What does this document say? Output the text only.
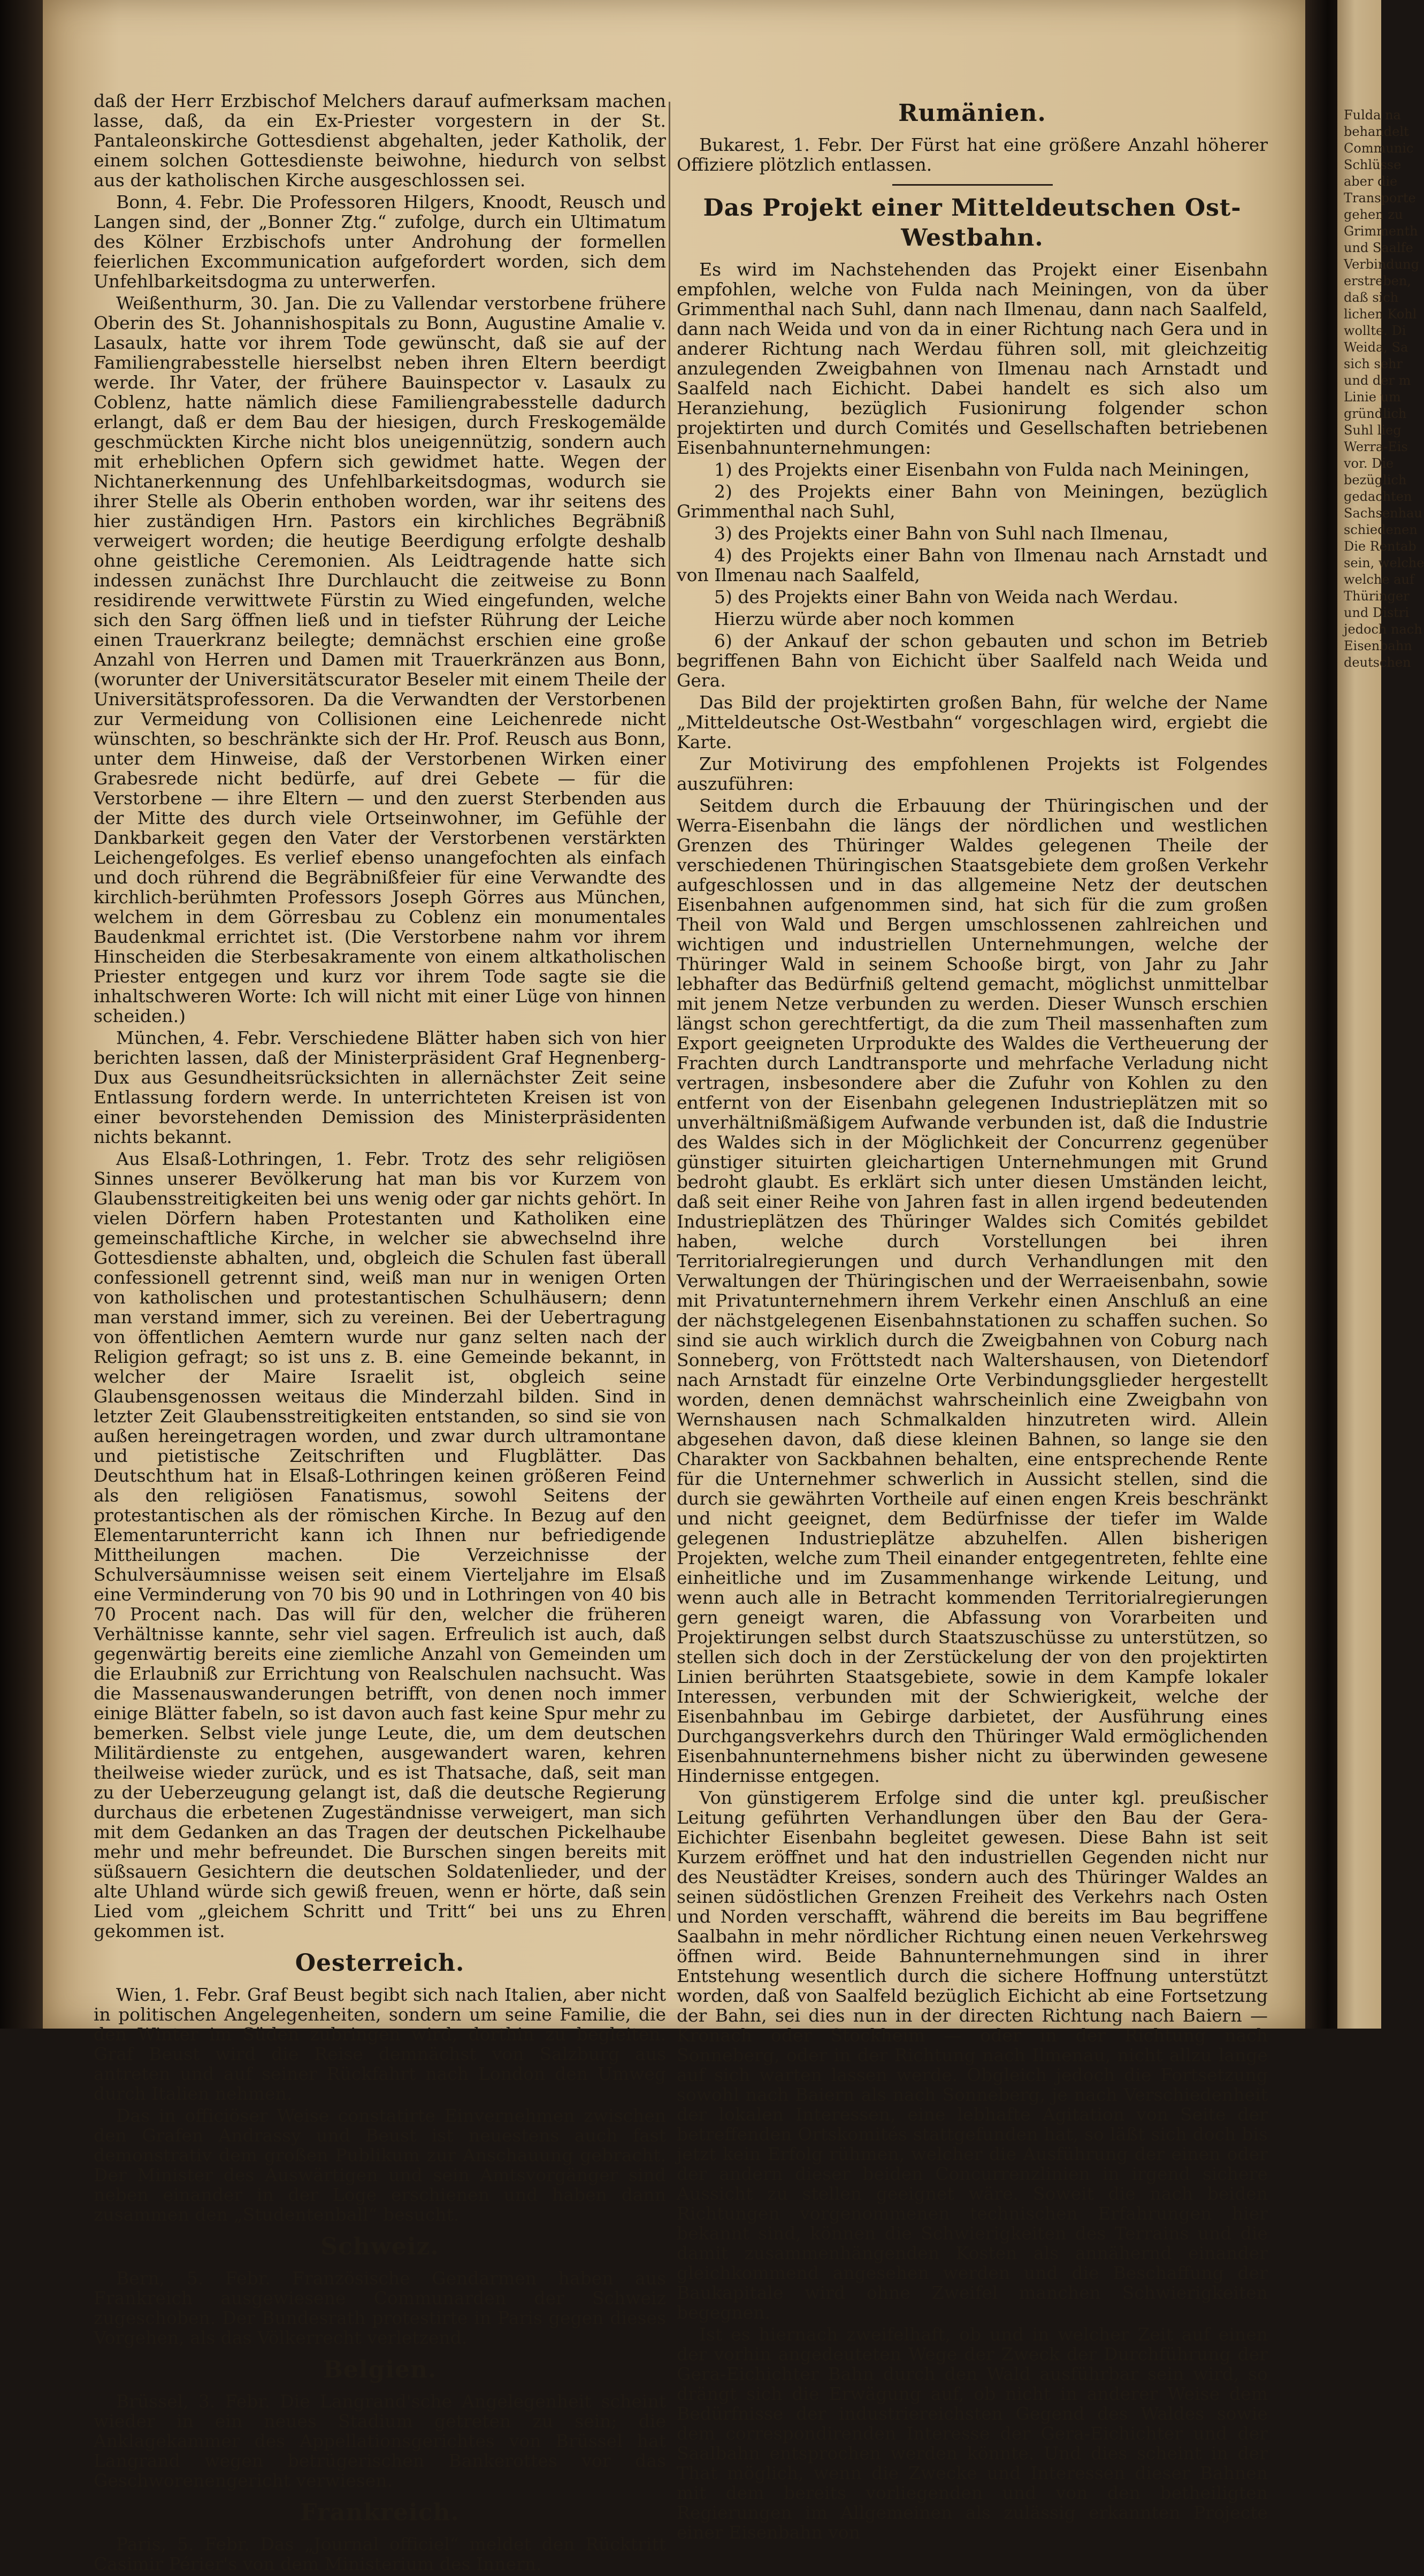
daß der Herr Erzbischof Melchers darauf aufmerksam machen lasse, daß, da ein Ex-Priester vorgestern in der St. Pantaleonskirche Gottesdienst abgehalten, jeder Katholik, der einem solchen Gottesdienste beiwohne, hiedurch von selbst aus der katholischen Kirche ausgeschlossen sei.

Bonn, 4. Febr. Die Professoren Hilgers, Knoodt, Reusch und Langen sind, der „Bonner Ztg.“ zufolge, durch ein Ultimatum des Kölner Erzbischofs unter Androhung der formellen feierlichen Excommunication aufgefordert worden, sich dem Unfehlbarkeitsdogma zu unterwerfen.

Weißenthurm, 30. Jan. Die zu Vallendar verstorbene frühere Oberin des St. Johannishospitals zu Bonn, Augustine Amalie v. Lasaulx, hatte vor ihrem Tode gewünscht, daß sie auf der Familiengrabesstelle hierselbst neben ihren Eltern beerdigt werde. Ihr Vater, der frühere Bauinspector v. Lasaulx zu Coblenz, hatte nämlich diese Familiengrabesstelle dadurch erlangt, daß er dem Bau der hiesigen, durch Freskogemälde geschmückten Kirche nicht blos uneigennützig, sondern auch mit erheblichen Opfern sich gewidmet hatte. Wegen der Nichtanerkennung des Unfehlbarkeitsdogmas, wodurch sie ihrer Stelle als Oberin enthoben worden, war ihr seitens des hier zuständigen Hrn. Pastors ein kirchliches Begräbniß verweigert worden; die heutige Beerdigung erfolgte deshalb ohne geistliche Ceremonien. Als Leidtragende hatte sich indessen zunächst Ihre Durchlaucht die zeitweise zu Bonn residirende verwittwete Fürstin zu Wied eingefunden, welche sich den Sarg öffnen ließ und in tiefster Rührung der Leiche einen Trauerkranz beilegte; demnächst erschien eine große Anzahl von Herren und Damen mit Trauerkränzen aus Bonn, (worunter der Universitätscurator Beseler mit einem Theile der Universitätsprofessoren. Da die Verwandten der Verstorbenen zur Vermeidung von Collisionen eine Leichenrede nicht wünschten, so beschränkte sich der Hr. Prof. Reusch aus Bonn, unter dem Hinweise, daß der Verstorbenen Wirken einer Grabesrede nicht bedürfe, auf drei Gebete — für die Verstorbene — ihre Eltern — und den zuerst Sterbenden aus der Mitte des durch viele Ortseinwohner, im Gefühle der Dankbarkeit gegen den Vater der Verstorbenen verstärkten Leichengefolges. Es verlief ebenso unangefochten als einfach und doch rührend die Begräbnißfeier für eine Verwandte des kirchlich-berühmten Professors Joseph Görres aus München, welchem in dem Görresbau zu Coblenz ein monumentales Baudenkmal errichtet ist. (Die Verstorbene nahm vor ihrem Hinscheiden die Sterbesakramente von einem altkatholischen Priester entgegen und kurz vor ihrem Tode sagte sie die inhaltschweren Worte: Ich will nicht mit einer Lüge von hinnen scheiden.)

München, 4. Febr. Verschiedene Blätter haben sich von hier berichten lassen, daß der Ministerpräsident Graf Hegnenberg-Dux aus Gesundheitsrücksichten in allernächster Zeit seine Entlassung fordern werde. In unterrichteten Kreisen ist von einer bevorstehenden Demission des Ministerpräsidenten nichts bekannt.

Aus Elsaß-Lothringen, 1. Febr. Trotz des sehr religiösen Sinnes unserer Bevölkerung hat man bis vor Kurzem von Glaubensstreitigkeiten bei uns wenig oder gar nichts gehört. In vielen Dörfern haben Protestanten und Katholiken eine gemeinschaftliche Kirche, in welcher sie abwechselnd ihre Gottesdienste abhalten, und, obgleich die Schulen fast überall confessionell getrennt sind, weiß man nur in wenigen Orten von katholischen und protestantischen Schulhäusern; denn man verstand immer, sich zu vereinen. Bei der Uebertragung von öffentlichen Aemtern wurde nur ganz selten nach der Religion gefragt; so ist uns z. B. eine Gemeinde bekannt, in welcher der Maire Israelit ist, obgleich seine Glaubensgenossen weitaus die Minderzahl bilden. Sind in letzter Zeit Glaubensstreitigkeiten entstanden, so sind sie von außen hereingetragen worden, und zwar durch ultramontane und pietistische Zeitschriften und Flugblätter. Das Deutschthum hat in Elsaß-Lothringen keinen größeren Feind als den religiösen Fanatismus, sowohl Seitens der protestantischen als der römischen Kirche. In Bezug auf den Elementarunterricht kann ich Ihnen nur befriedigende Mittheilungen machen. Die Verzeichnisse der Schulversäumnisse weisen seit einem Vierteljahre im Elsaß eine Verminderung von 70 bis 90 und in Lothringen von 40 bis 70 Procent nach. Das will für den, welcher die früheren Verhältnisse kannte, sehr viel sagen. Erfreulich ist auch, daß gegenwärtig bereits eine ziemliche Anzahl von Gemeinden um die Erlaubniß zur Errichtung von Realschulen nachsucht. Was die Massenauswanderungen betrifft, von denen noch immer einige Blätter fabeln, so ist davon auch fast keine Spur mehr zu bemerken. Selbst viele junge Leute, die, um dem deutschen Militärdienste zu entgehen, ausgewandert waren, kehren theilweise wieder zurück, und es ist Thatsache, daß, seit man zu der Ueberzeugung gelangt ist, daß die deutsche Regierung durchaus die erbetenen Zugeständnisse verweigert, man sich mit dem Gedanken an das Tragen der deutschen Pickelhaube mehr und mehr befreundet. Die Burschen singen bereits mit süßsauern Gesichtern die deutschen Soldatenlieder, und der alte Uhland würde sich gewiß freuen, wenn er hörte, daß sein Lied vom „gleichem Schritt und Tritt“ bei uns zu Ehren gekommen ist.

Oesterreich.

Wien, 1. Febr. Graf Beust begibt sich nach Italien, aber nicht in politischen Angelegenheiten, sondern um seine Familie, die den Winter im Süden zubringen wird, dorthin zu begleiten. Graf Beust wird die Reise demnächst von Salzburg aus antreten und auf seiner Rückfahrt nach London den Umweg durch Italien nehmen.

Das in officiöser Weise constatirte Einvernehmen zwischen den Grafen Andrassy und Beust ist neuestens auch fast demonstrativ dem großen Publikum zur Anschauung gebracht. Der Minister des Auswärtigen und sein Amtsvorgänger sind neben einander in der Loge erschienen und haben dann zusammen den „Studentenball“ besucht.

Schweiz.

Bern, 5. Febr. Französische Gendarmen haben aus Frankreich ausgewiesene Communarden der Schweiz zugeschoben. Der Bundesrath protestirte in Paris gegen dieses Vorgehen, als das Völkerrecht verletzend.

Belgien.

Brüssel, 3. Febr. Die Langrand'sche Angelegenheit scheint wieder in ein neues Stadium getreten zu sein; die Anklagekammer des Appellationsgerichtes von Brüssel hat Langrand wegen betrügerischen Bankerottes vor das Geschworenengericht verwiesen.

Frankreich.

Paris, 5. Febr. Das „Journal officiel“ meldet den Rücktritt Casimir Périer's von dem Ministerium des Innern.

Rumänien.

Bukarest, 1. Febr. Der Fürst hat eine größere Anzahl höherer Offiziere plötzlich entlassen.

Das Projekt einer Mitteldeutschen Ost-Westbahn.

Es wird im Nachstehenden das Projekt einer Eisenbahn empfohlen, welche von Fulda nach Meiningen, von da über Grimmenthal nach Suhl, dann nach Ilmenau, dann nach Saalfeld, dann nach Weida und von da in einer Richtung nach Gera und in anderer Richtung nach Werdau führen soll, mit gleichzeitig anzulegenden Zweigbahnen von Ilmenau nach Arnstadt und Saalfeld nach Eichicht. Dabei handelt es sich also um Heranziehung, bezüglich Fusionirung folgender schon projektirten und durch Comités und Gesellschaften betriebenen Eisenbahnunternehmungen:

1) des Projekts einer Eisenbahn von Fulda nach Meiningen,

2) des Projekts einer Bahn von Meiningen, bezüglich Grimmenthal nach Suhl,

3) des Projekts einer Bahn von Suhl nach Ilmenau,

4) des Projekts einer Bahn von Ilmenau nach Arnstadt und von Ilmenau nach Saalfeld,

5) des Projekts einer Bahn von Weida nach Werdau.

Hierzu würde aber noch kommen

6) der Ankauf der schon gebauten und schon im Betrieb begriffenen Bahn von Eichicht über Saalfeld nach Weida und Gera.

Das Bild der projektirten großen Bahn, für welche der Name „Mitteldeutsche Ost-Westbahn“ vorgeschlagen wird, ergiebt die Karte.

Zur Motivirung des empfohlenen Projekts ist Folgendes auszuführen:

Seitdem durch die Erbauung der Thüringischen und der Werra-Eisenbahn die längs der nördlichen und westlichen Grenzen des Thüringer Waldes gelegenen Theile der verschiedenen Thüringischen Staatsgebiete dem großen Verkehr aufgeschlossen und in das allgemeine Netz der deutschen Eisenbahnen aufgenommen sind, hat sich für die zum großen Theil von Wald und Bergen umschlossenen zahlreichen und wichtigen und industriellen Unternehmungen, welche der Thüringer Wald in seinem Schooße birgt, von Jahr zu Jahr lebhafter das Bedürfniß geltend gemacht, möglichst unmittelbar mit jenem Netze verbunden zu werden. Dieser Wunsch erschien längst schon gerechtfertigt, da die zum Theil massenhaften zum Export geeigneten Urprodukte des Waldes die Vertheuerung der Frachten durch Landtransporte und mehrfache Verladung nicht vertragen, insbesondere aber die Zufuhr von Kohlen zu den entfernt von der Eisenbahn gelegenen Industrieplätzen mit so unverhältnißmäßigem Aufwande verbunden ist, daß die Industrie des Waldes sich in der Möglichkeit der Concurrenz gegenüber günstiger situirten gleichartigen Unternehmungen mit Grund bedroht glaubt. Es erklärt sich unter diesen Umständen leicht, daß seit einer Reihe von Jahren fast in allen irgend bedeutenden Industrieplätzen des Thüringer Waldes sich Comités gebildet haben, welche durch Vorstellungen bei ihren Territorialregierungen und durch Verhandlungen mit den Verwaltungen der Thüringischen und der Werraeisenbahn, sowie mit Privatunternehmern ihrem Verkehr einen Anschluß an eine der nächstgelegenen Eisenbahnstationen zu schaffen suchen. So sind sie auch wirklich durch die Zweigbahnen von Coburg nach Sonneberg, von Fröttstedt nach Waltershausen, von Dietendorf nach Arnstadt für einzelne Orte Verbindungsglieder hergestellt worden, denen demnächst wahrscheinlich eine Zweigbahn von Wernshausen nach Schmalkalden hinzutreten wird. Allein abgesehen davon, daß diese kleinen Bahnen, so lange sie den Charakter von Sackbahnen behalten, eine entsprechende Rente für die Unternehmer schwerlich in Aussicht stellen, sind die durch sie gewährten Vortheile auf einen engen Kreis beschränkt und nicht geeignet, dem Bedürfnisse der tiefer im Walde gelegenen Industrieplätze abzuhelfen. Allen bisherigen Projekten, welche zum Theil einander entgegentreten, fehlte eine einheitliche und im Zusammenhange wirkende Leitung, und wenn auch alle in Betracht kommenden Territorialregierungen gern geneigt waren, die Abfassung von Vorarbeiten und Projektirungen selbst durch Staatszuschüsse zu unterstützen, so stellen sich doch in der Zerstückelung der von den projektirten Linien berührten Staatsgebiete, sowie in dem Kampfe lokaler Interessen, verbunden mit der Schwierigkeit, welche der Eisenbahnbau im Gebirge darbietet, der Ausführung eines Durchgangsverkehrs durch den Thüringer Wald ermöglichenden Eisenbahnunternehmens bisher nicht zu überwinden gewesene Hindernisse entgegen.

Von günstigerem Erfolge sind die unter kgl. preußischer Leitung geführten Verhandlungen über den Bau der Gera-Eichichter Eisenbahn begleitet gewesen. Diese Bahn ist seit Kurzem eröffnet und hat den industriellen Gegenden nicht nur des Neustädter Kreises, sondern auch des Thüringer Waldes an seinen südöstlichen Grenzen Freiheit des Verkehrs nach Osten und Norden verschafft, während die bereits im Bau begriffene Saalbahn in mehr nördlicher Richtung einen neuen Verkehrsweg öffnen wird. Beide Bahnunternehmungen sind in ihrer Entstehung wesentlich durch die sichere Hoffnung unterstützt worden, daß von Saalfeld bezüglich Eichicht ab eine Fortsetzung der Bahn, sei dies nun in der directen Richtung nach Baiern — Kronach oder Stockheim — oder in der Richtung nach Sonneberg, oder in der Richtung nach Ilmenau, nicht allzu lange auf sich warten lassen werde. Obgleich jedoch die Fortsetzung sowohl nach Baiern als nach Sonneberg, je nach Verschiedenheit der lokalen Interessen, eine lebhafte Agitation von Seite der betreffenden Ortskomités stattgefunden hat, so läßt sich doch bis jetzt kein Erfolg rühmen, welcher die Ausführung der einen oder der andern dieser beiden Concurrenzlinien in irgend sichere Aussicht zu stellen geeignet wäre. Soweit die nach beiden Richtungen vorgenommenen technischen Erfahrungen hier bekannt sind, können die Schwierigkeiten des Terrains und die damit zusammenhängenden Kosten als annähernd einander gleichkommend angesehen werden und die Beschaffung der Baukapitale wird ohne Zweifel manchen Schwierigkeiten begegnen.

Ist es hiernach zweifelhaft, ob und in welcher Zeit auf einen der vorhin angedeuteten Wege der Zweck der Durchführung der Gera-Eichichter Bahn durch den Wald ausführbar sein wird, so drängt sich die Erwägung auf, ob nicht in anderer Weise dem Bedürfnisse der industriereichsten Gegend des Waldes sowie dem correspondirenden Interesse der Gera-Eichichter und der Saalbahn entsprochen werden könnte. Und dies scheint in der That möglich, wenn die Zwecke und Interessen dieser Bahnen mit dem bereits vorliegenden und von den betheiligten Regierungen im Allgemeinen als zulässig erkannten Projecte einer Eisenbahn von

Fulda na
behandelt
Communic
Schlüsse
aber die
Transporte
gehen zu
Grimmenth
und Saalfe
Verbindung
erstreben,
daß sich
lichen Kohl
wollte. Di
Weida, Sa
sich sehr
und der m
Linie um
gründlich
Suhl lieg
Werra-Eis
vor. Die
bezüglich
gedachten
Sachsenhau
schiedenen
Die Rentab
sein, welche
welche auf
Thüringer
und Distri
jedoch nach
Eisenbahn
deutschen
